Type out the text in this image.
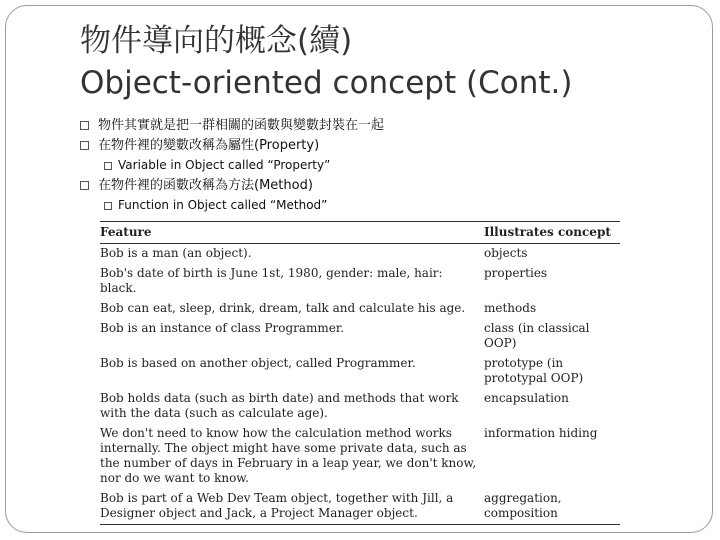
物件導向的概念(續)
Object-oriented concept (Cont.)
物件其實就是把一群相關的函數與變數封裝在一起
在物件裡的變數改稱為屬性(Property)
Variable in Object called “Property”
在物件裡的函數改稱為方法(Method)
Function in Object called “Method”
Feature	Illustrates concept
Bob is a man (an object).	objects
Bob's date of birth is June 1st, 1980, gender: male, hair: black.	properties
Bob can eat, sleep, drink, dream, talk and calculate his age.	methods
Bob is an instance of class Programmer.	class (in classical OOP)
Bob is based on another object, called Programmer.	prototype (in prototypal OOP)
Bob holds data (such as birth date) and methods that work with the data (such as calculate age).	encapsulation
We don't need to know how the calculation method works internally. The object might have some private data, such as the number of days in February in a leap year, we don't know, nor do we want to know.	information hiding
Bob is part of a Web Dev Team object, together with Jill, a Designer object and Jack, a Project Manager object.	aggregation, composition
